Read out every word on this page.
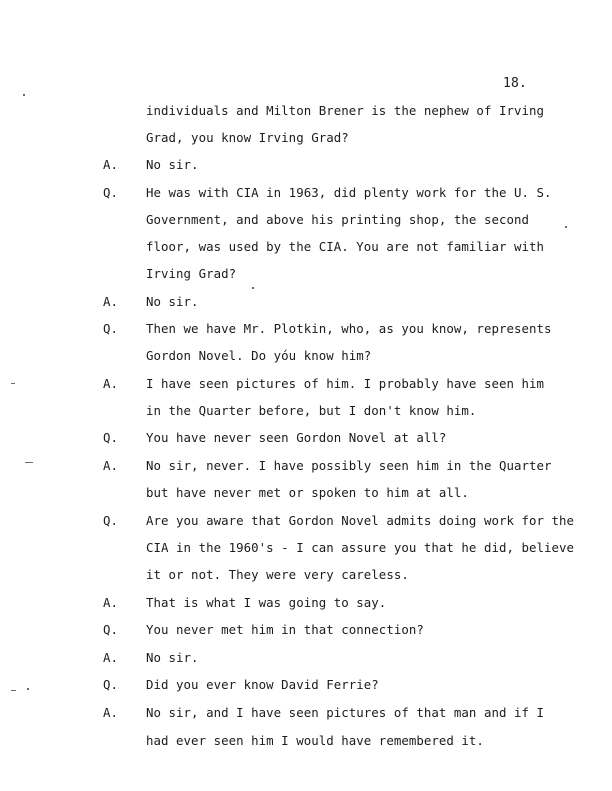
18.
individuals and Milton Brener is the nephew of Irving
Grad, you know Irving Grad?
A. No sir.
Q. He was with CIA in 1963, did plenty work for the U. S.
Government, and above his printing shop, the second
floor, was used by the CIA. You are not familiar with
Irving Grad?
A. No sir.
Q. Then we have Mr. Plotkin, who, as you know, represents
Gordon Novel. Do yóu know him?
A. I have seen pictures of him. I probably have seen him
in the Quarter before, but I don't know him.
Q. You have never seen Gordon Novel at all?
A. No sir, never. I have possibly seen him in the Quarter
but have never met or spoken to him at all.
Q. Are you aware that Gordon Novel admits doing work for the
CIA in the 1960's - I can assure you that he did, believe
it or not. They were very careless.
A. That is what I was going to say.
Q. You never met him in that connection?
A. No sir.
Q. Did you ever know David Ferrie?
A. No sir, and I have seen pictures of that man and if I
had ever seen him I would have remembered it.
